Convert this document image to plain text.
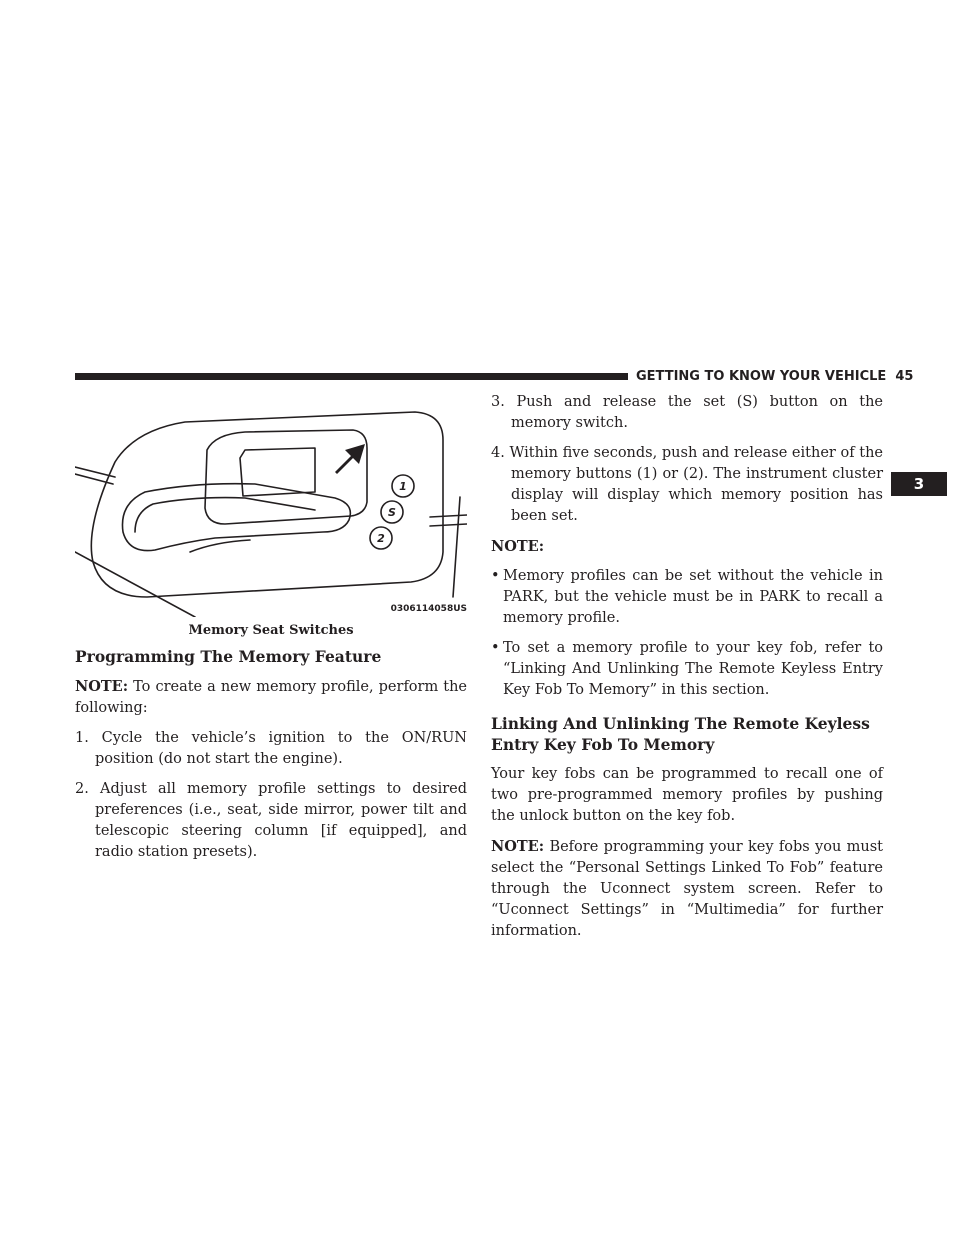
GETTING TO KNOW YOUR VEHICLE 45
3
1
S
2
0306114058US
Memory Seat Switches
Programming The Memory Feature

NOTE: To create a new memory profile, perform the following:

1. Cycle the vehicle’s ignition to the ON/RUN position (do not start the engine).
2. Adjust all memory profile settings to desired preferences (i.e., seat, side mirror, power tilt and telescopic steering column [if equipped], and radio station presets).
3. Push and release the set (S) button on the memory switch.
4. Within five seconds, push and release either of the memory buttons (1) or (2). The instrument cluster display will display which memory position has been set.
NOTE:
• Memory profiles can be set without the vehicle in PARK, but the vehicle must be in PARK to recall a memory profile.
• To set a memory profile to your key fob, refer to “Linking And Unlinking The Remote Keyless Entry Key Fob To Memory” in this section.
Linking And Unlinking The Remote Keyless Entry Key Fob To Memory

Your key fobs can be programmed to recall one of two pre-programmed memory profiles by pushing the unlock button on the key fob.

NOTE: Before programming your key fobs you must select the “Personal Settings Linked To Fob” feature through the Uconnect system screen. Refer to “Uconnect Settings” in “Multimedia” for further information.
